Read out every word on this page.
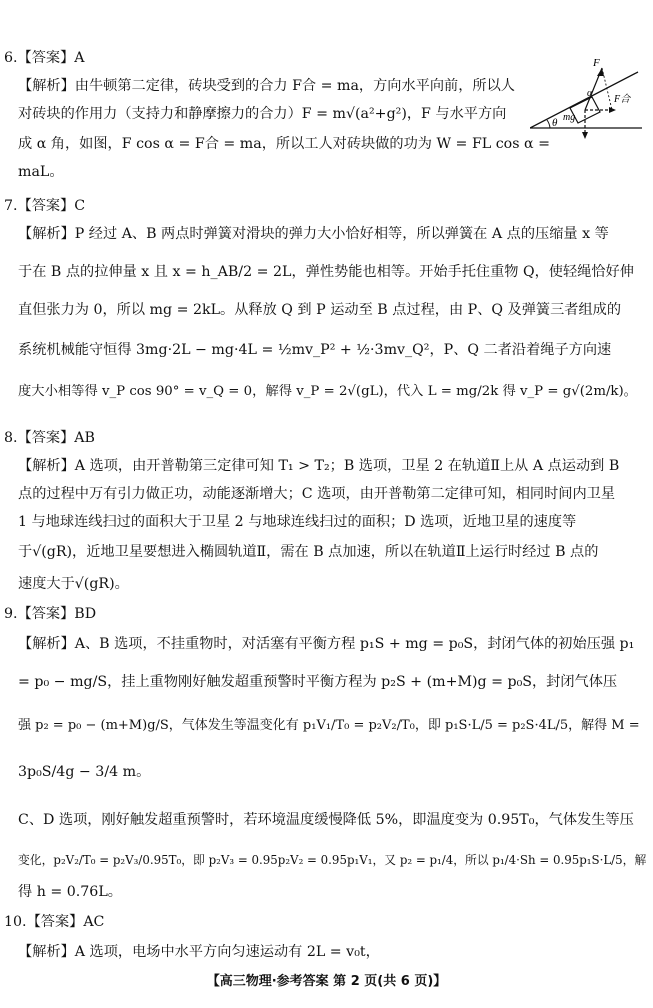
6.【答案】A
【解析】由牛顿第二定律，砖块受到的合力 F合 = ma，方向水平向前，所以人
对砖块的作用力（支持力和静摩擦力的合力）F = m√(a²+g²)，F 与水平方向
成 α 角，如图，F cos α = F合 = ma，所以工人对砖块做的功为 W = FL cos α =
maL。
θ
F
F合
mg
α
7.【答案】C
【解析】P 经过 A、B 两点时弹簧对滑块的弹力大小恰好相等，所以弹簧在 A 点的压缩量 x 等
于在 B 点的拉伸量 x 且 x = h_AB/2 = 2L，弹性势能也相等。开始手托住重物 Q，使轻绳恰好伸
直但张力为 0，所以 mg = 2kL。从释放 Q 到 P 运动至 B 点过程，由 P、Q 及弹簧三者组成的
系统机械能守恒得 3mg·2L − mg·4L = ½mv_P² + ½·3mv_Q²，P、Q 二者沿着绳子方向速
度大小相等得 v_P cos 90° = v_Q = 0，解得 v_P = 2√(gL)，代入 L = mg/2k 得 v_P = g√(2m/k)。
8.【答案】AB
【解析】A 选项，由开普勒第三定律可知 T₁ > T₂；B 选项，卫星 2 在轨道Ⅱ上从 A 点运动到 B
点的过程中万有引力做正功，动能逐渐增大；C 选项，由开普勒第二定律可知，相同时间内卫星
1 与地球连线扫过的面积大于卫星 2 与地球连线扫过的面积；D 选项，近地卫星的速度等
于√(gR)，近地卫星要想进入椭圆轨道Ⅱ，需在 B 点加速，所以在轨道Ⅱ上运行时经过 B 点的
速度大于√(gR)。
9.【答案】BD
【解析】A、B 选项，不挂重物时，对活塞有平衡方程 p₁S + mg = p₀S，封闭气体的初始压强 p₁
= p₀ − mg/S，挂上重物刚好触发超重预警时平衡方程为 p₂S + (m+M)g = p₀S，封闭气体压
强 p₂ = p₀ − (m+M)g/S，气体发生等温变化有 p₁V₁/T₀ = p₂V₂/T₀，即 p₁S·L/5 = p₂S·4L/5，解得 M =
3p₀S/4g − 3/4 m。
C、D 选项，刚好触发超重预警时，若环境温度缓慢降低 5%，即温度变为 0.95T₀，气体发生等压
变化，p₂V₂/T₀ = p₂V₃/0.95T₀，即 p₂V₃ = 0.95p₂V₂ = 0.95p₁V₁，又 p₂ = p₁/4，所以 p₁/4·Sh = 0.95p₁S·L/5，解
得 h = 0.76L。
10.【答案】AC
【解析】A 选项，电场中水平方向匀速运动有 2L = v₀t，
【高三物理·参考答案 第 2 页(共 6 页)】
